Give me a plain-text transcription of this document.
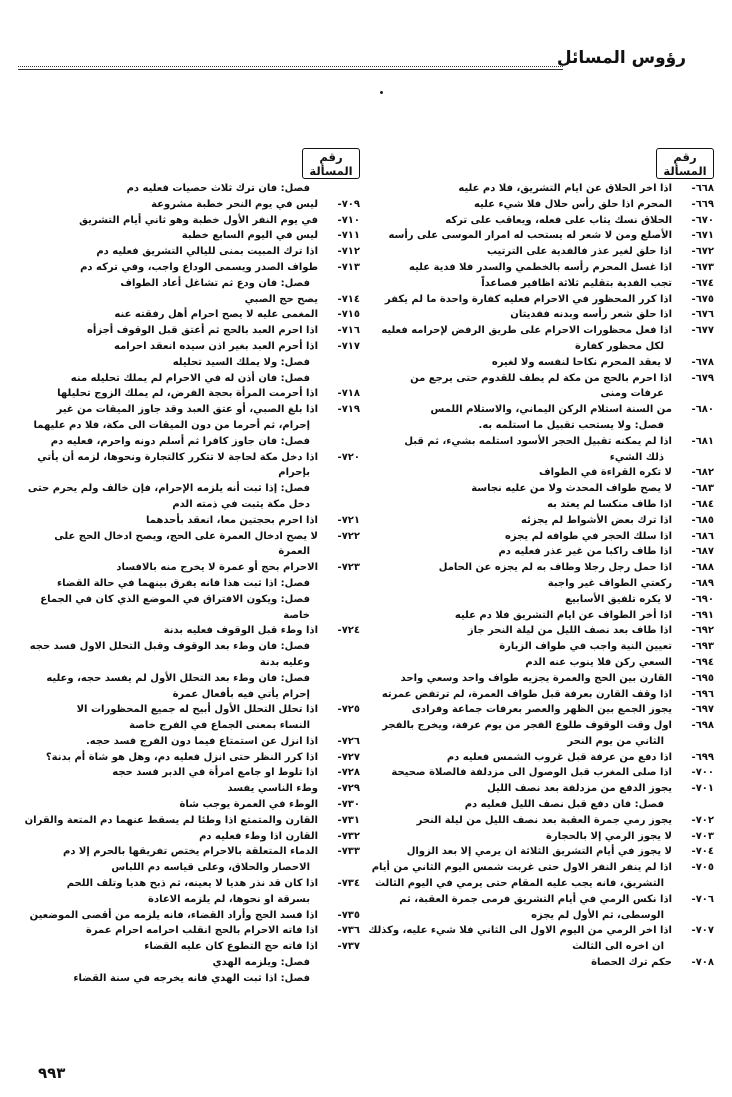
رؤوس المسائل
رقم
المسألة
٦٦٨-
اذا اخر الحلاق عن ايام التشريق، فلا دم عليه
٦٦٩-
المحرم اذا حلق رأس حلال فلا شيء عليه
٦٧٠-
الحلاق نسك يثاب على فعله، ويعاقب على تركه
٦٧١-
الأصلع ومن لا شعر له يستحب له امرار الموسى على رأسه
٦٧٢-
اذا حلق لغير عذر فالفدية على الترتيب
٦٧٣-
اذا غسل المحرم رأسه بالخطمي والسدر فلا فدية عليه
٦٧٤-
تجب الفدية بتقليم ثلاثة اظافير فصاعداً
٦٧٥-
اذا كرر المحظور في الاحرام فعليه كفارة واحدة ما لم يكفر
٦٧٦-
اذا حلق شعر رأسه وبدنه ففديتان
٦٧٧-
اذا فعل محظورات الاحرام على طريق الرفض لإحرامه فعليه
لكل محظور كفارة
٦٧٨-
لا يعقد المحرم نكاحا لنفسه ولا لغيره
٦٧٩-
اذا احرم بالحج من مكة لم يطف للقدوم حتى يرجع من
عرفات ومنى
٦٨٠-
من السنة استلام الركن اليماني، والاستلام اللمس
فصل: ولا يستحب تقبيل ما استلمه به.
٦٨١-
اذا لم يمكنه تقبيل الحجر الأسود استلمه بشيء، ثم قبل
ذلك الشيء
٦٨٢-
لا تكره القراءة في الطواف
٦٨٣-
لا يصح طواف المحدث ولا من عليه نجاسة
٦٨٤-
اذا طاف منكسا لم يعتد به
٦٨٥-
اذا ترك بعض الأشواط لم يجزئه
٦٨٦-
اذا سلك الحجر في طوافه لم يجزه
٦٨٧-
اذا طاف راكبا من غير عذر فعليه دم
٦٨٨-
اذا حمل رجل رجلا وطاف به لم يجزه عن الحامل
٦٨٩-
ركعتي الطواف غير واجبة
٦٩٠-
لا يكره تلفيق الأسابيع
٦٩١-
اذا أخر الطواف عن ايام التشريق فلا دم عليه
٦٩٢-
اذا طاف بعد نصف الليل من ليلة النحر جاز
٦٩٣-
تعيين النية واجب في طواف الزيارة
٦٩٤-
السعي ركن فلا ينوب عنه الدم
٦٩٥-
القارن بين الحج والعمرة يجزيه طواف واحد وسعي واحد
٦٩٦-
اذا وقف القارن بعرفة قبل طواف العمرة، لم ترتفض عمرته
٦٩٧-
يجوز الجمع بين الظهر والعصر بعرفات جماعة وفرادى
٦٩٨-
اول وقت الوقوف طلوع الفجر من يوم عرفة، ويخرج بالفجر
الثاني من يوم النحر
٦٩٩-
اذا دفع من عرفة قبل غروب الشمس فعليه دم
٧٠٠-
اذا صلى المغرب قبل الوصول الى مزدلفة فالصلاة صحيحة
٧٠١-
يجوز الدفع من مزدلفة بعد نصف الليل
فصل: فان دفع قبل نصف الليل فعليه دم
٧٠٢-
يجوز رمي جمرة العقبة بعد نصف الليل من ليلة النحر
٧٠٣-
لا يجوز الرمي إلا بالحجارة
٧٠٤-
لا يجوز في أيام التشريق الثلاثة ان يرمي إلا بعد الزوال
٧٠٥-
اذا لم ينفر النفر الاول حتى غربت شمس اليوم الثاني من أيام
التشريق، فانه يجب عليه المقام حتى يرمي في اليوم الثالث
٧٠٦-
اذا نكس الرمي في أيام التشريق فرمى جمرة العقبة، ثم
الوسطى، ثم الأول لم يجزه
٧٠٧-
اذا اخر الرمي من اليوم الاول الى الثاني فلا شيء عليه، وكذلك
ان اخره الى الثالث
٧٠٨-
حكم ترك الحصاة
رقم
المسألة
فصل: فان ترك ثلاث حصيات فعليه دم
٧٠٩-
ليس في يوم النحر خطبة مشروعة
٧١٠-
في يوم النفر الأول خطبة وهو ثاني أيام التشريق
٧١١-
ليس في اليوم السابع خطبة
٧١٢-
اذا ترك المبيت بمنى لليالي التشريق فعليه دم
٧١٣-
طواف الصدر ويسمى الوداع واجب، وفي تركه دم
فصل: فان ودع ثم تشاغل أعاد الطواف
٧١٤-
يصح حج الصبي
٧١٥-
المغمى عليه لا يصح احرام أهل رفقته عنه
٧١٦-
اذا احرم العبد بالحج ثم أعتق قبل الوقوف أجزأه
٧١٧-
اذا أحرم العبد بغير اذن سيده انعقد احرامه
فصل: ولا يملك السيد تحليله
فصل: فان أذن له في الاحرام لم يملك تحليله منه
٧١٨-
اذا أحرمت المرأة بحجة الفرض، لم يملك الزوج تحليلها
٧١٩-
اذا بلغ الصبي، أو عتق العبد وقد جاوز الميقات من غير
إحرام، ثم أحرما من دون الميقات الى مكة، فلا دم عليهما
فصل: فان جاوز كافرا ثم أسلم دونه واحرم، فعليه دم
٧٢٠-
اذا دخل مكة لحاجة لا تتكرر كالتجارة ونحوها، لزمه أن يأتي
بإحرام
فصل: إذا ثبت أنه يلزمه الإحرام، فإن خالف ولم يحرم حتى
دخل مكة يثبت في ذمته الدم
٧٢١-
اذا احرم بحجتين معا، انعقد بأحدهما
٧٢٢-
لا يصح ادخال العمرة على الحج، ويصح ادخال الحج على
العمرة
٧٢٣-
الاحرام بحج أو عمرة لا يخرج منه بالافساد
فصل: اذا ثبت هذا فانه يفرق بينهما في حالة القضاء
فصل: ويكون الافتراق في الموضع الذي كان في الجماع
خاصة
٧٢٤-
اذا وطء قبل الوقوف فعليه بدنة
فصل: فان وطء بعد الوقوف وقبل التحلل الاول فسد حجه
وعليه بدنة
فصل: فان وطء بعد التحلل الأول لم يفسد حجه، وعليه
إحرام يأتي فيه بأفعال عمرة
٧٢٥-
اذا تحلل التحلل الأول أبيح له جميع المحظورات الا
النساء بمعنى الجماع في الفرج خاصة
٧٢٦-
اذا انزل عن استمتاع فيما دون الفرج فسد حجه.
٧٢٧-
اذا كرر النظر حتى انزل فعليه دم، وهل هو شاة أم بدنة؟
٧٢٨-
اذا تلوط او جامع امرأة في الدبر فسد حجه
٧٢٩-
وطء الناسي يفسد
٧٣٠-
الوطء في العمرة يوجب شاة
٧٣١-
القارن والمتمتع اذا وطئا لم يسقط عنهما دم المتعة والقران
٧٣٢-
القارن اذا وطء فعليه دم
٧٣٣-
الدماء المتعلقة بالاحرام يختص تفريقها بالحرم إلا دم
الاحصار والحلاق، وعلى قياسه دم اللباس
٧٣٤-
اذا كان قد نذر هديا لا يعينه، ثم ذبح هديا وتلف اللحم
بسرقة او نحوها، لم يلزمه الاعادة
٧٣٥-
اذا فسد الحج وأراد القضاء، فانه يلزمه من أقصى الموضعين
٧٣٦-
اذا فاته الاحرام بالحج انقلب احرامه احرام عمرة
٧٣٧-
اذا فاته حج التطوع كان عليه القضاء
فصل: ويلزمه الهدي
فصل: اذا ثبت الهدي فانه يخرجه في سنة القضاء
٩٩٣
